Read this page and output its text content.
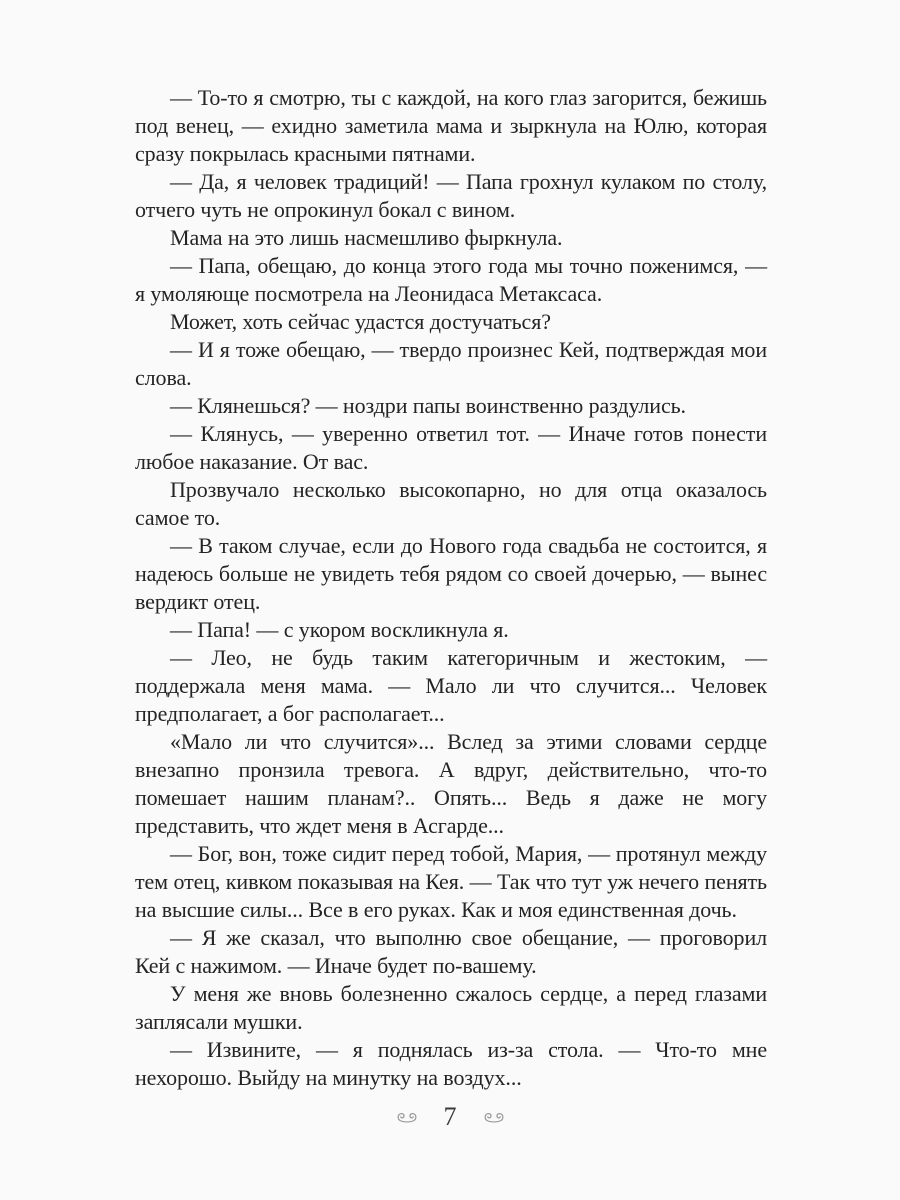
— То-то я смотрю, ты с каждой, на кого глаз загорится, бежишь под венец, — ехидно заметила мама и зыркнула на Юлю, которая сразу покрылась красными пятнами.

— Да, я человек традиций! — Папа грохнул кулаком по столу, отчего чуть не опрокинул бокал с вином.

Мама на это лишь насмешливо фыркнула.

— Папа, обещаю, до конца этого года мы точно поженимся, — я умоляюще посмотрела на Леонидаса Метаксаса.

Может, хоть сейчас удастся достучаться?

— И я тоже обещаю, — твердо произнес Кей, подтверждая мои слова.

— Клянешься? — ноздри папы воинственно раздулись.

— Клянусь, — уверенно ответил тот. — Иначе готов понести любое наказание. От вас.

Прозвучало несколько высокопарно, но для отца оказалось самое то.

— В таком случае, если до Нового года свадьба не состоится, я надеюсь больше не увидеть тебя рядом со своей дочерью, — вынес вердикт отец.

— Папа! — с укором воскликнула я.

— Лео, не будь таким категоричным и жестоким, — поддержала меня мама. — Мало ли что случится... Человек предполагает, а бог располагает...

«Мало ли что случится»... Вслед за этими словами сердце внезапно пронзила тревога. А вдруг, действительно, что-то помешает нашим планам?.. Опять... Ведь я даже не могу представить, что ждет меня в Асгарде...

— Бог, вон, тоже сидит перед тобой, Мария, — протянул между тем отец, кивком показывая на Кея. — Так что тут уж нечего пенять на высшие силы... Все в его руках. Как и моя единственная дочь.

— Я же сказал, что выполню свое обещание, — проговорил Кей с нажимом. — Иначе будет по-вашему.

У меня же вновь болезненно сжалось сердце, а перед глазами заплясали мушки.

— Извините, — я поднялась из-за стола. — Что-то мне нехорошо. Выйду на минутку на воздух...

7
